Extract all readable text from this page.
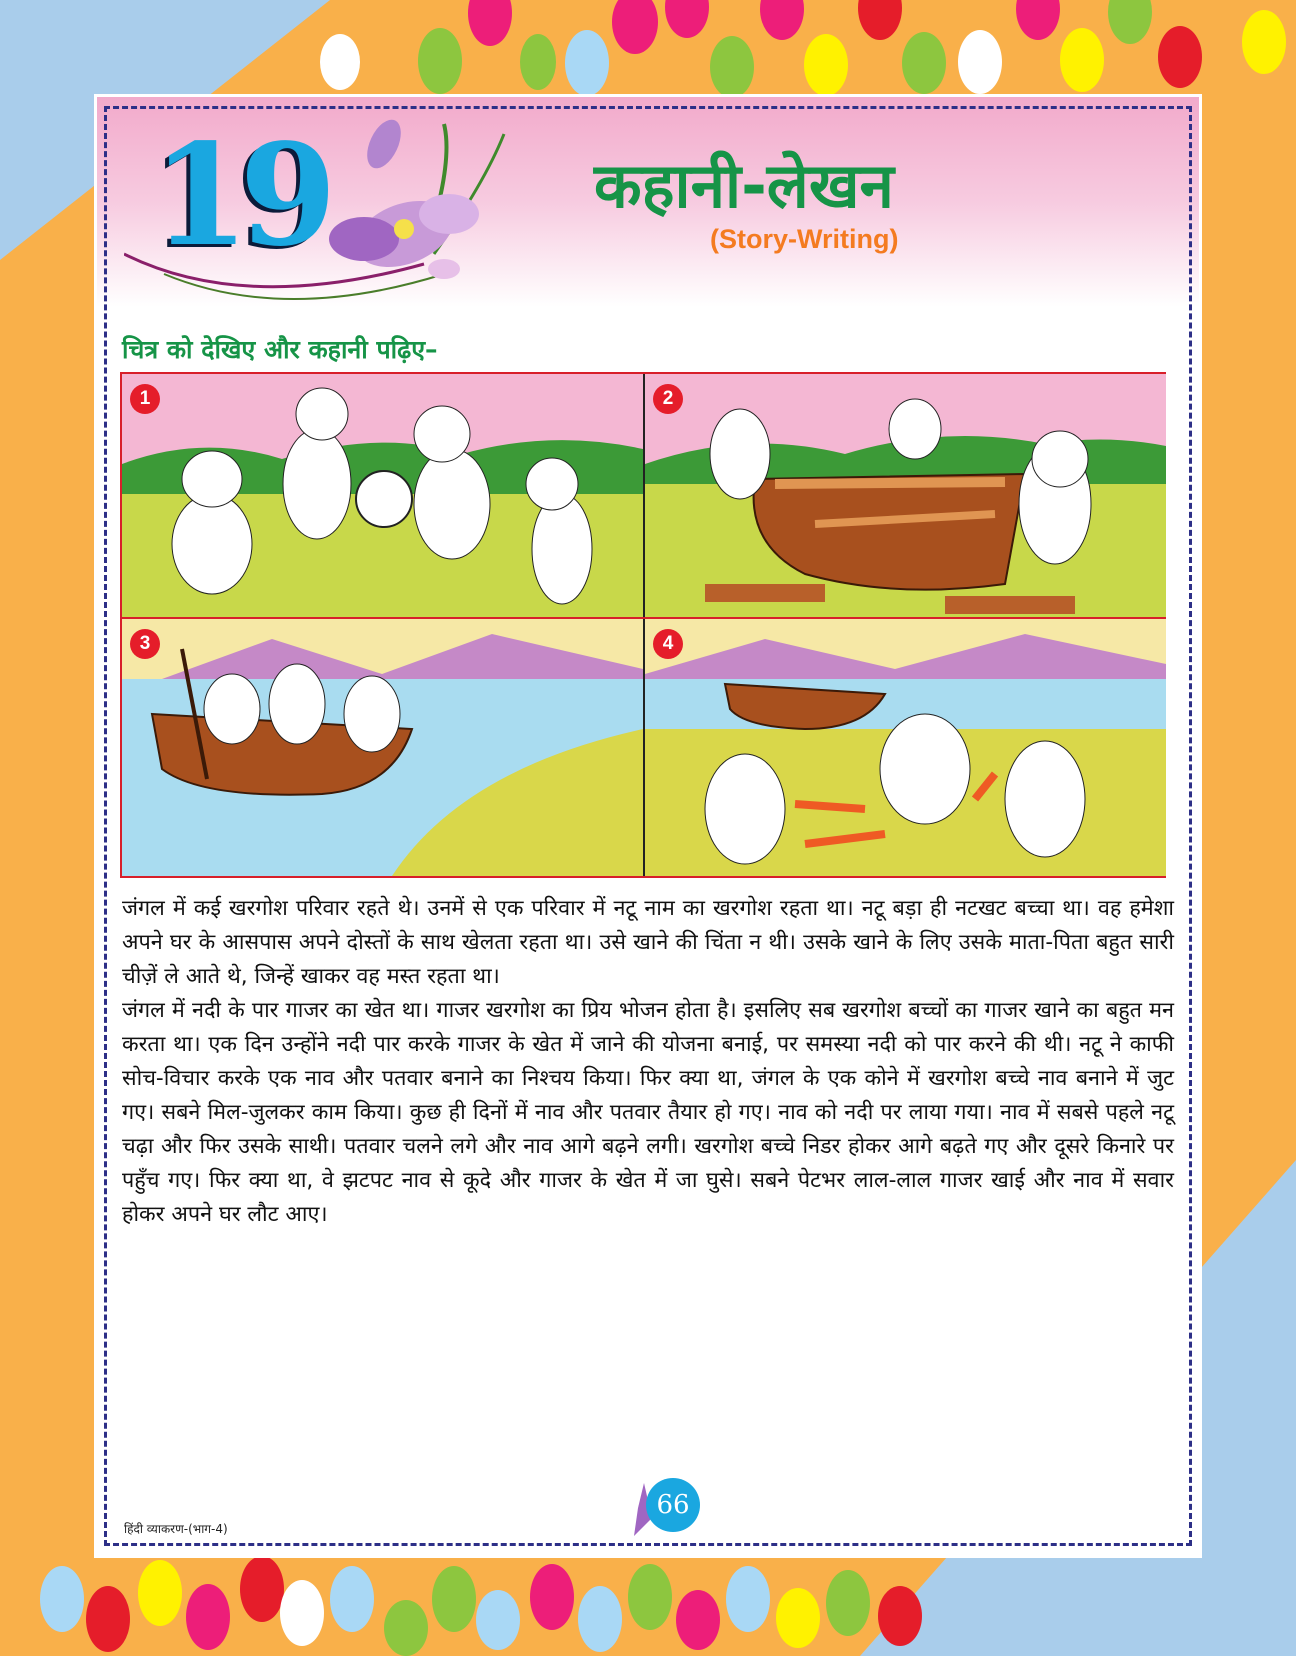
19	कहानी-लेखन
(Story-Writing)
चित्र को देखिए और कहानी पढ़िए–
1	2
3	4

जंगल में कई खरगोश परिवार रहते थे। उनमें से एक परिवार में नटू नाम का खरगोश रहता था। नटू बड़ा ही नटखट बच्चा था। वह हमेशा अपने घर के आसपास अपने दोस्तों के साथ खेलता रहता था। उसे खाने की चिंता न थी। उसके खाने के लिए उसके माता-पिता बहुत सारी चीज़ें ले आते थे, जिन्हें खाकर वह मस्त रहता था।

जंगल में नदी के पार गाजर का खेत था। गाजर खरगोश का प्रिय भोजन होता है। इसलिए सब खरगोश बच्चों का गाजर खाने का बहुत मन करता था। एक दिन उन्होंने नदी पार करके गाजर के खेत में जाने की योजना बनाई, पर समस्या नदी को पार करने की थी। नटू ने काफी सोच-विचार करके एक नाव और पतवार बनाने का निश्चय किया। फिर क्या था, जंगल के एक कोने में खरगोश बच्चे नाव बनाने में जुट गए। सबने मिल-जुलकर काम किया। कुछ ही दिनों में नाव और पतवार तैयार हो गए। नाव को नदी पर लाया गया। नाव में सबसे पहले नटू चढ़ा और फिर उसके साथी। पतवार चलने लगे और नाव आगे बढ़ने लगी। खरगोश बच्चे निडर होकर आगे बढ़ते गए और दूसरे किनारे पर पहुँच गए। फिर क्या था, वे झटपट नाव से कूदे और गाजर के खेत में जा घुसे। सबने पेटभर लाल-लाल गाजर खाई और नाव में सवार होकर अपने घर लौट आए।

हिंदी व्याकरण-(भाग-4)
66
